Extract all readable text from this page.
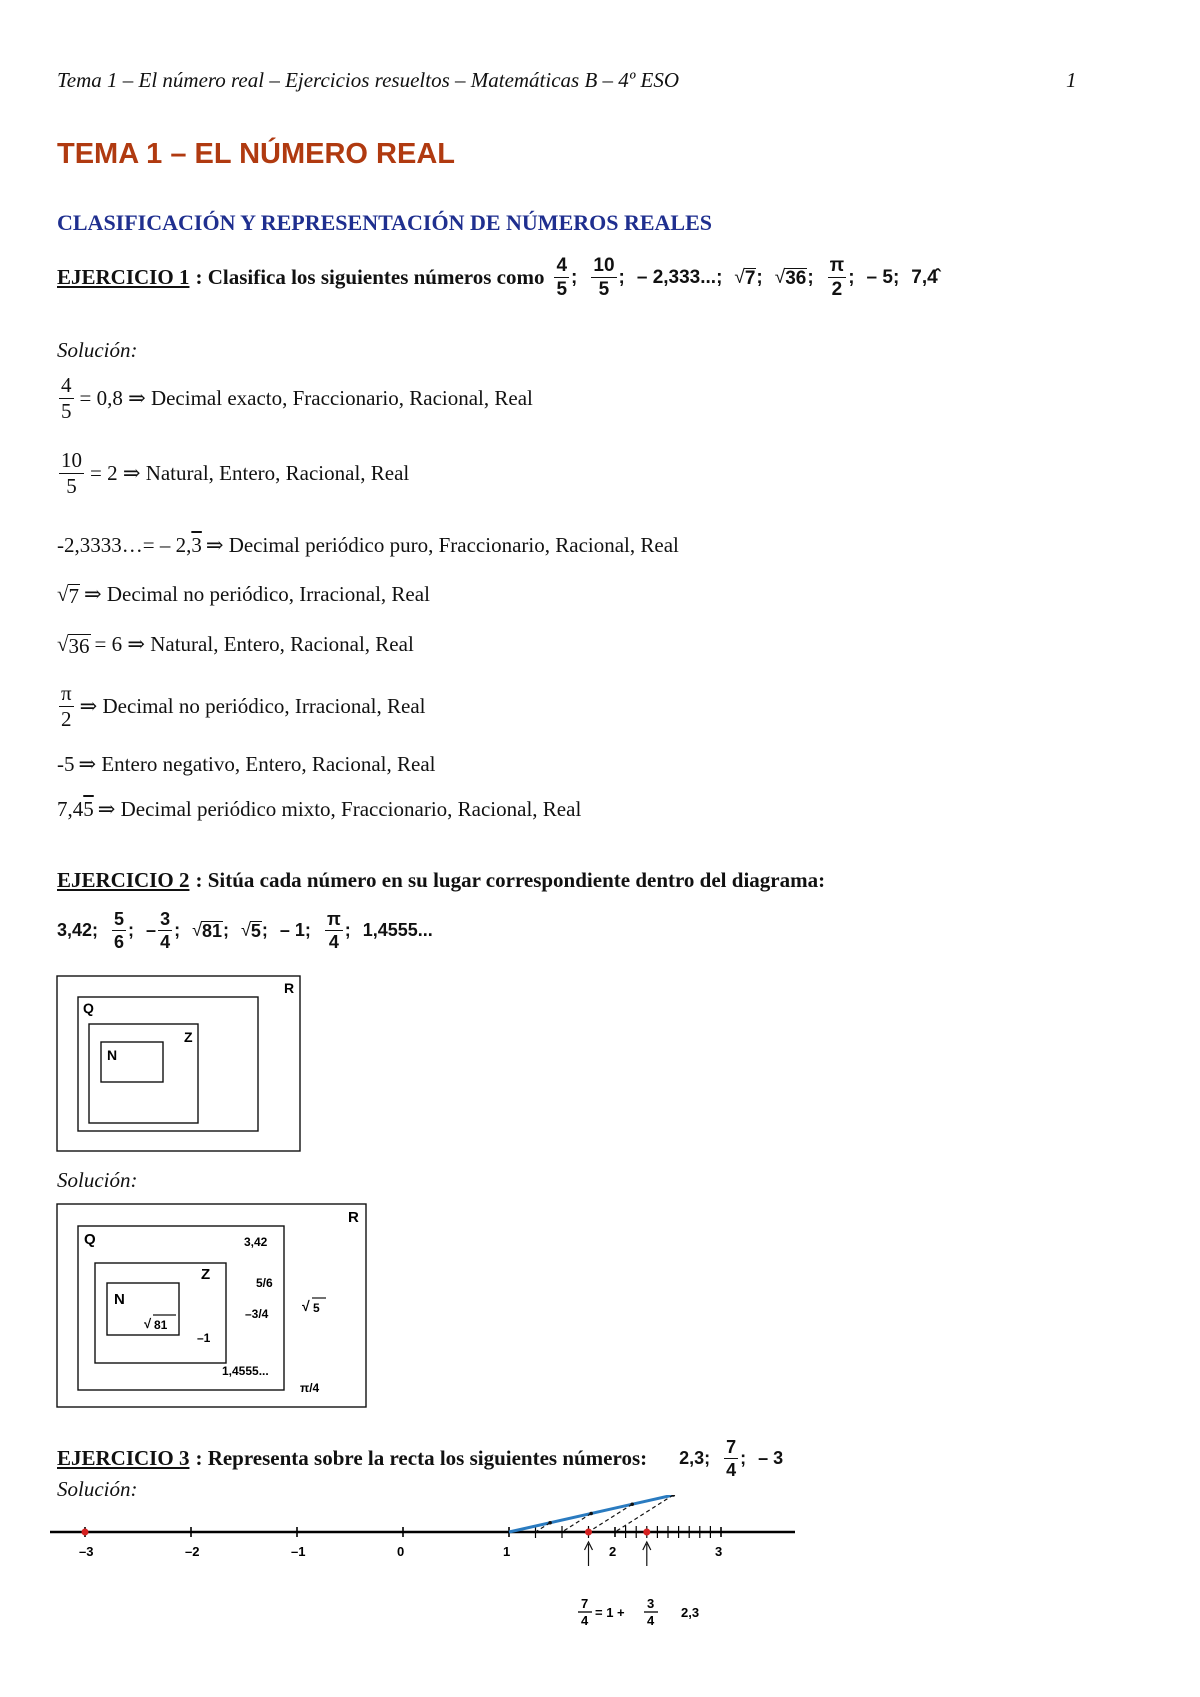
Tema 1 – El número real – Ejercicios resueltos – Matemáticas B – 4º ESO	1
TEMA 1 – EL NÚMERO REAL
CLASIFICACIÓN Y REPRESENTACIÓN DE NÚMEROS REALES
EJERCICIO 1 : Clasifica los siguientes números como $\frac{4}{5}$ ; $\frac{10}{5}$ ; – 2,333...; √ 7 ; √ 36 ; $\frac{\pi}{2}$ ; – 5; 7,4
Solución:
$\frac{4}{5} = 0,8$ ⇒ Decimal exacto, Fraccionario, Racional, Real
$\frac{10}{5} = 2$ ⇒ Natural, Entero, Racional, Real
-2,3333…= – 2, 3 ⇒ Decimal periódico puro, Fraccionario, Racional, Real
√ 7 ⇒ Decimal no periódico, Irracional, Real
√ 36 = 6 ⇒ Natural, Entero, Racional, Real
$\frac{\pi}{2}$ ⇒ Decimal no periódico, Irracional, Real
-5 ⇒ Entero negativo, Entero, Racional, Real
7,4 5 ⇒ Decimal periódico mixto, Fraccionario, Racional, Real
EJERCICIO 2 : Sitúa cada número en su lugar correspondiente dentro del diagrama:
3,42; $\frac{5}{6}$ ; – $\frac{3}{4}$ ; √ 81 ; √ 5 ; – 1; $\frac{\pi}{4}$ ; 1,4555...
R
Q
Z
N
Solución:
R
Q
Z
N
√ 81
–1
3,42
5/6
–3/4
1,4555...
√ 5
π/4
EJERCICIO 3 : Representa sobre la recta los siguientes números: 2,3; $\frac{7}{4}$ ; – 3
Solución:
–3	–2	–1	0	1	2	3
7
4
= 1 +
3
4
2,3
